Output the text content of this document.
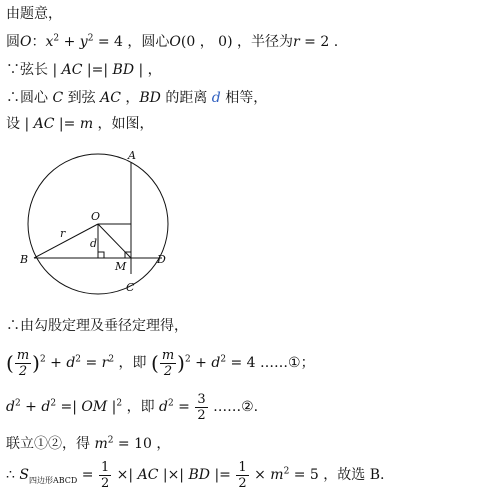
由题意，
圆O：$x^2 + y^2 = 4$ ，圆心O(0 ， 0) ，半径为r = 2 .
∵弦长 | AC |=| BD | ，
∴圆心 C 到弦 AC ，BD 的距离 d 相等，
设 | AC |= m ，如图，
A
B
C
D
O
M
r
d
∴由勾股定理及垂径定理得，
( $\frac{m}{2} )^2 + d^2 = r^2$ ，即 ( $\frac{m}{2} )^2 + d^2 = 4$ ……①；
$d^2 + d^2$ =| OM $|^2$ ，即 $d^2 = \frac{3}{2}$ ……②.
联立①②，得 $m^2 = 10$ ，
∴ $S_{四边形ABCD} = \frac{1}{2}$ ×| AC |×| BD |= $\frac{1}{2} \times m^2 = 5$ ，故选 B.
